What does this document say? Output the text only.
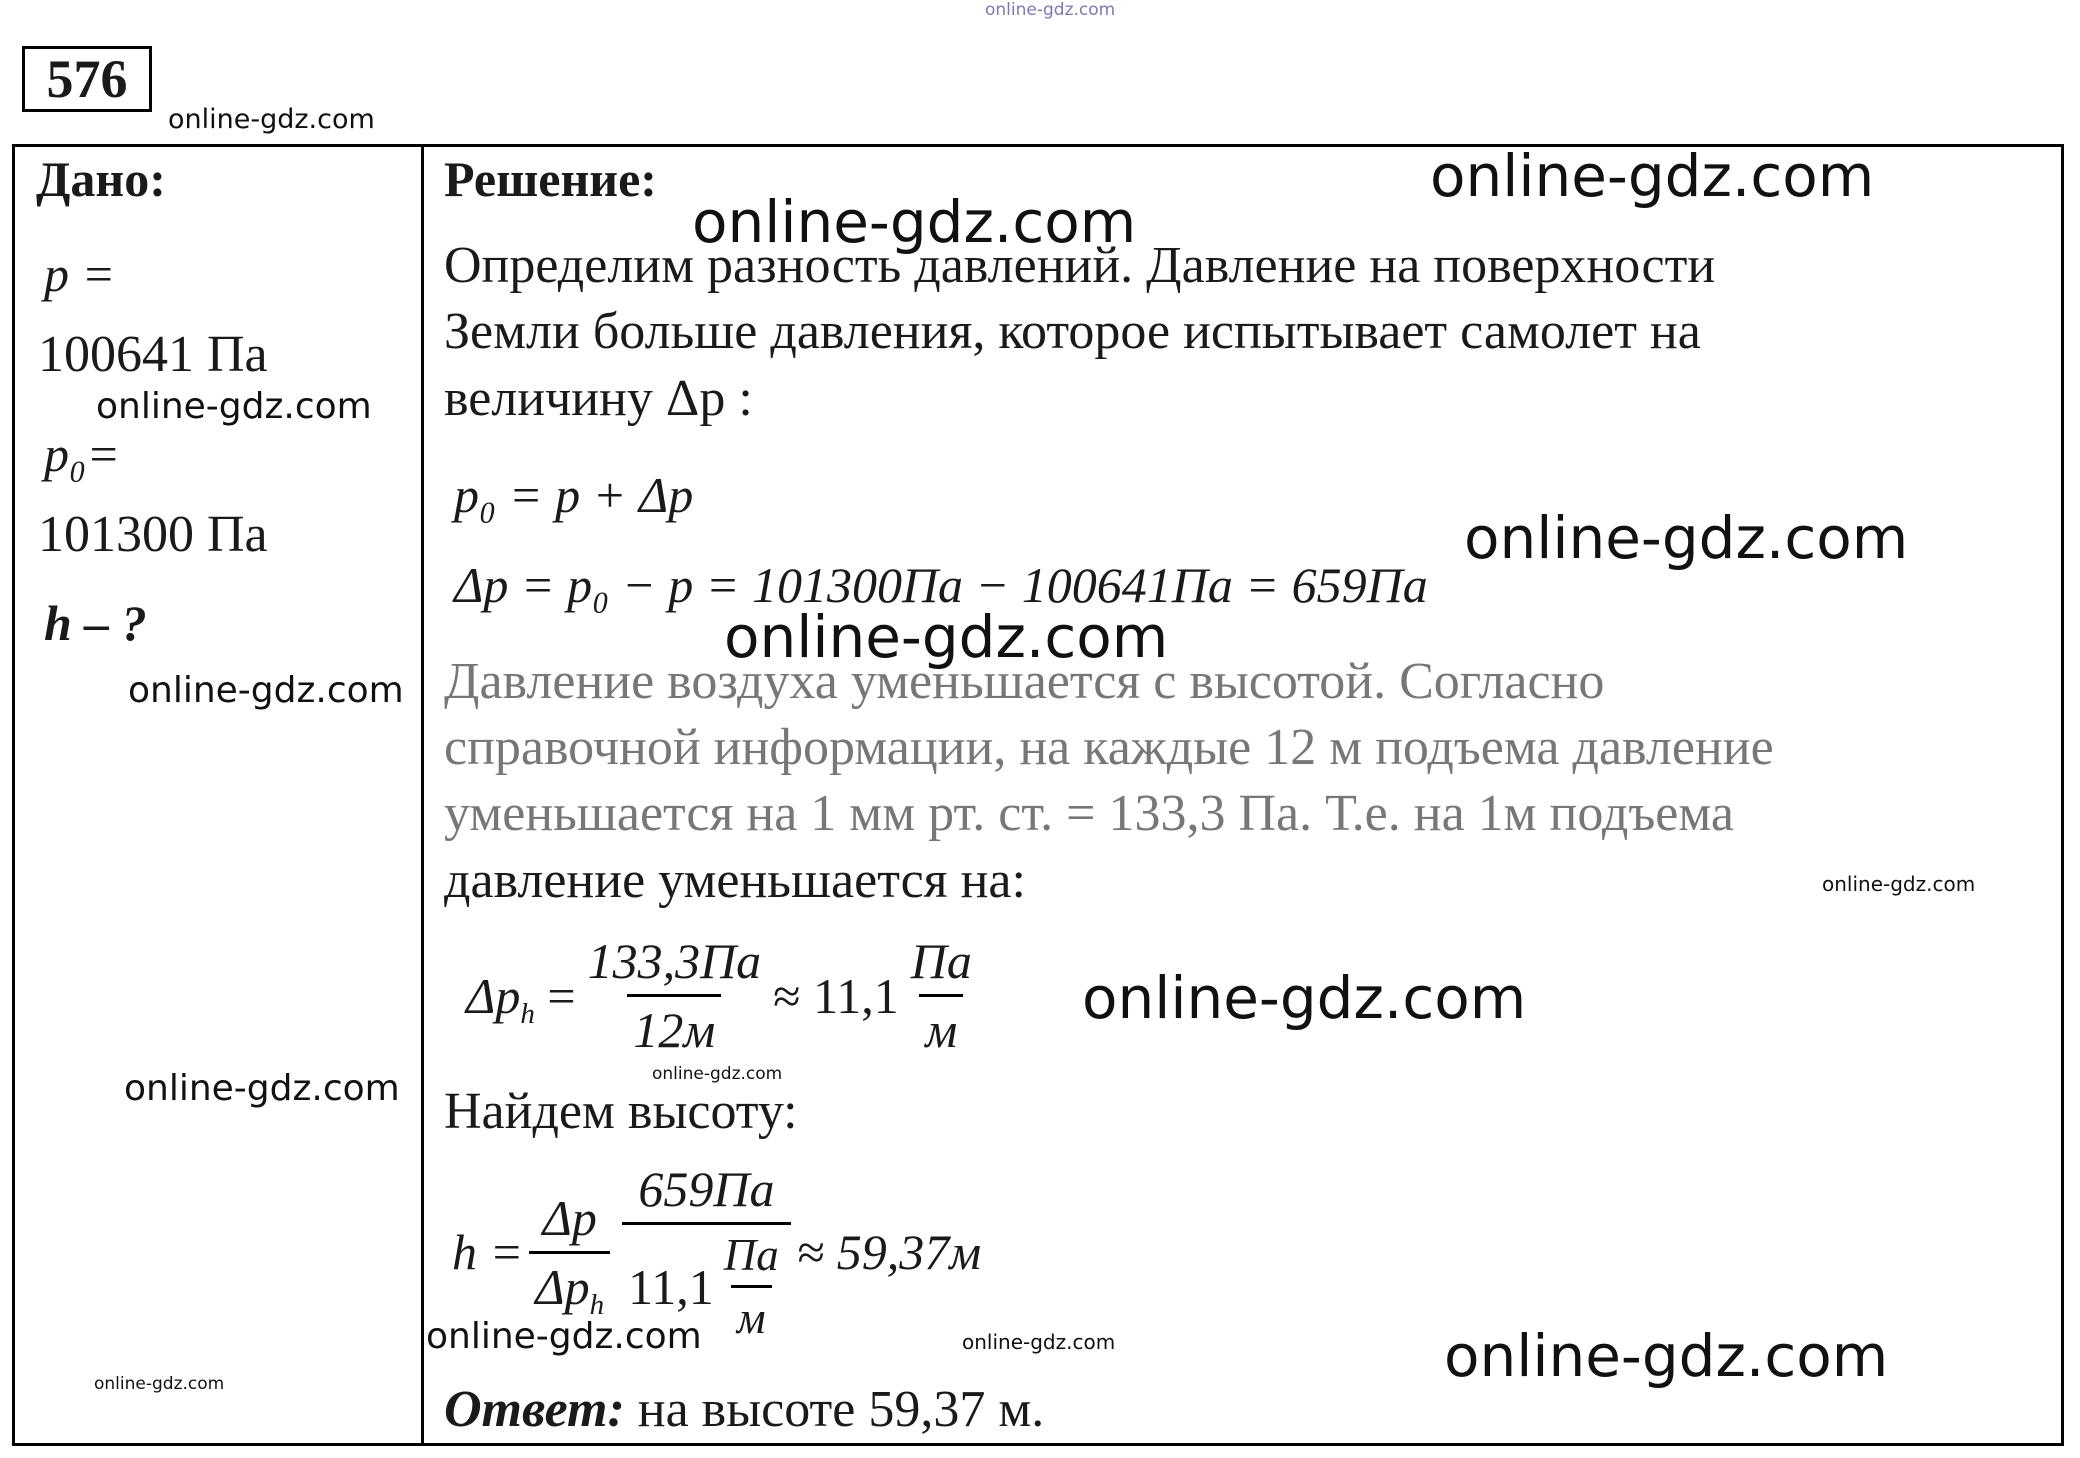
576
Дано:
p =
100641 Па
p₀=
101300 Па
h – ?
Решение:
Определим разность давлений. Давление на поверхности
Земли больше давления, которое испытывает самолет на
величину Δp :
p₀ = p + Δp
Δp = p₀ − p = 101300Па − 100641Па = 659Па
Давление воздуха уменьшается с высотой. Согласно
справочной информации, на каждые 12 м подъема давление
уменьшается на 1 мм рт. ст. = 133,3 Па. Т.е. на 1м подъема
давление уменьшается на:
$\Delta p_h = \frac{133,3Па}{12м} \approx 11,1 \frac{Па}{м}$
Найдем высоту:
$h = \frac{\Delta p}{\Delta p_h} \frac{659Па}{11,1 \frac{Па}{м}} \approx 59,37м$
Ответ: на высоте 59,37 м.
online-gdz.com
online-gdz.com
online-gdz.com
online-gdz.com
online-gdz.com
online-gdz.com
online-gdz.com
online-gdz.com
online-gdz.com
online-gdz.com
online-gdz.com
online-gdz.com
online-gdz.com	online-gdz.com	online-gdz.com
online-gdz.com
